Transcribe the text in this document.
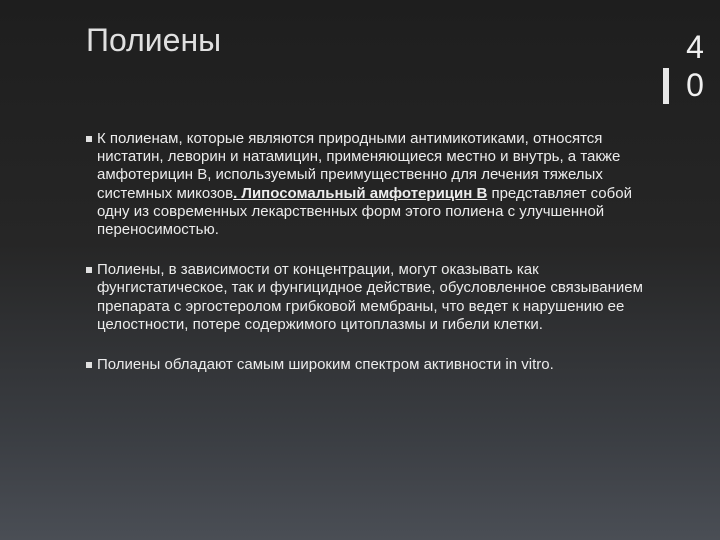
Полиены	4
0
К полиенам, которые являются природными антимикотиками, относятся нистатин, леворин и натамицин, применяющиеся местно и внутрь, а также амфотерицин В, используемый преимущественно для лечения тяжелых системных микозов. Липосомальный амфотерицин В представляет собой одну из современных лекарственных форм этого полиена с улучшенной переносимостью.
Полиены, в зависимости от концентрации, могут оказывать как фунгистатическое, так и фунгицидное действие, обусловленное связыванием препарата с эргостеролом грибковой мембраны, что ведет к нарушению ее целостности, потере содержимого цитоплазмы и гибели клетки.
Полиены обладают самым широким спектром активности in vitro.
